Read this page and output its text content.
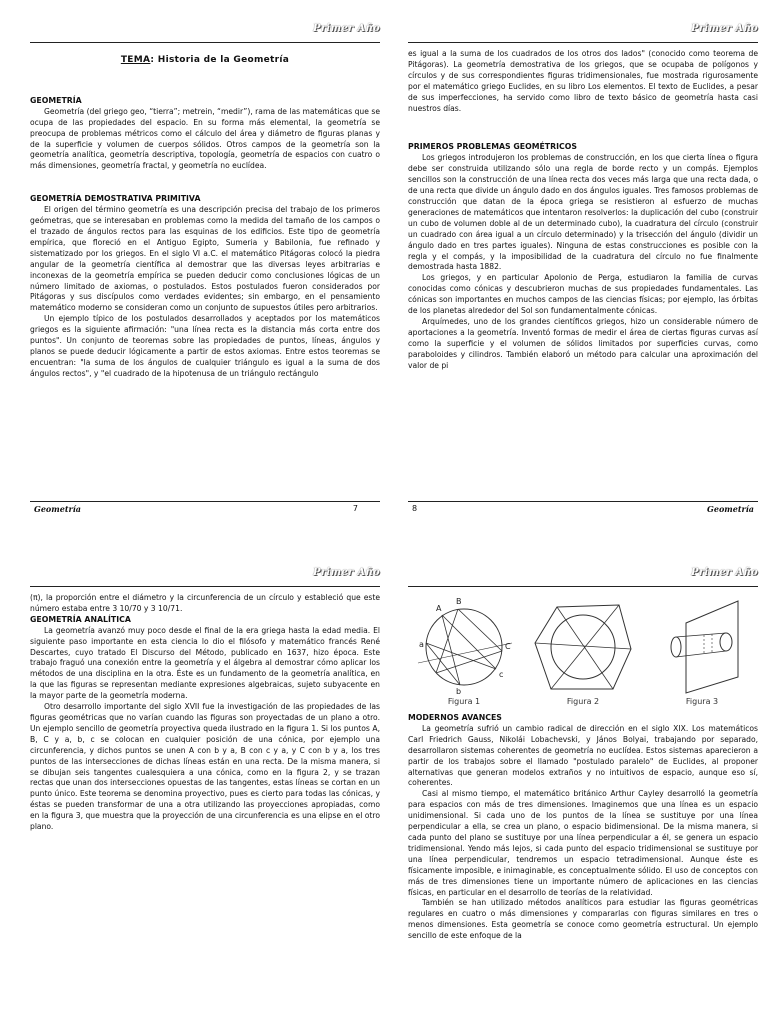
Primer Año
TEMA: Historia de la Geometría
GEOMETRÍA

Geometría (del griego geo, “tierra”; metrein, “medir”), rama de las matemáticas que se ocupa de las propiedades del espacio. En su forma más elemental, la geometría se preocupa de problemas métricos como el cálculo del área y diámetro de figuras planas y de la superficie y volumen de cuerpos sólidos. Otros campos de la geometría son la geometría analítica, geometría descriptiva, topología, geometría de espacios con cuatro o más dimensiones, geometría fractal, y geometría no euclídea.

GEOMETRÍA DEMOSTRATIVA PRIMITIVA

El origen del término geometría es una descripción precisa del trabajo de los primeros geómetras, que se interesaban en problemas como la medida del tamaño de los campos o el trazado de ángulos rectos para las esquinas de los edificios. Este tipo de geometría empírica, que floreció en el Antiguo Egipto, Sumeria y Babilonia, fue refinado y sistematizado por los griegos. En el siglo VI a.C. el matemático Pitágoras colocó la piedra angular de la geometría científica al demostrar que las diversas leyes arbitrarias e inconexas de la geometría empírica se pueden deducir como conclusiones lógicas de un número limitado de axiomas, o postulados. Estos postulados fueron considerados por Pitágoras y sus discípulos como verdades evidentes; sin embargo, en el pensamiento matemático moderno se consideran como un conjunto de supuestos útiles pero arbitrarios.

Un ejemplo típico de los postulados desarrollados y aceptados por los matemáticos griegos es la siguiente afirmación: "una línea recta es la distancia más corta entre dos puntos". Un conjunto de teoremas sobre las propiedades de puntos, líneas, ángulos y planos se puede deducir lógicamente a partir de estos axiomas. Entre estos teoremas se encuentran: "la suma de los ángulos de cualquier triángulo es igual a la suma de dos ángulos rectos", y "el cuadrado de la hipotenusa de un triángulo rectángulo

Geometría	7
Primer Año

es igual a la suma de los cuadrados de los otros dos lados" (conocido como teorema de Pitágoras). La geometría demostrativa de los griegos, que se ocupaba de polígonos y círculos y de sus correspondientes figuras tridimensionales, fue mostrada rigurosamente por el matemático griego Euclides, en su libro Los elementos. El texto de Euclides, a pesar de sus imperfecciones, ha servido como libro de texto básico de geometría hasta casi nuestros días.

PRIMEROS PROBLEMAS GEOMÉTRICOS

Los griegos introdujeron los problemas de construcción, en los que cierta línea o figura debe ser construida utilizando sólo una regla de borde recto y un compás. Ejemplos sencillos son la construcción de una línea recta dos veces más larga que una recta dada, o de una recta que divide un ángulo dado en dos ángulos iguales. Tres famosos problemas de construcción que datan de la época griega se resistieron al esfuerzo de muchas generaciones de matemáticos que intentaron resolverlos: la duplicación del cubo (construir un cubo de volumen doble al de un determinado cubo), la cuadratura del círculo (construir un cuadrado con área igual a un círculo determinado) y la trisección del ángulo (dividir un ángulo dado en tres partes iguales). Ninguna de estas construcciones es posible con la regla y el compás, y la imposibilidad de la cuadratura del círculo no fue finalmente demostrada hasta 1882.

Los griegos, y en particular Apolonio de Perga, estudiaron la familia de curvas conocidas como cónicas y descubrieron muchas de sus propiedades fundamentales. Las cónicas son importantes en muchos campos de las ciencias físicas; por ejemplo, las órbitas de los planetas alrededor del Sol son fundamentalmente cónicas.

Arquímedes, uno de los grandes científicos griegos, hizo un considerable número de aportaciones a la geometría. Inventó formas de medir el área de ciertas figuras curvas así como la superficie y el volumen de sólidos limitados por superficies curvas, como paraboloides y cilindros. También elaboró un método para calcular una aproximación del valor de pi

8	Geometría
Primer Año

(π), la proporción entre el diámetro y la circunferencia de un círculo y estableció que este número estaba entre 3 10/70 y 3 10/71.

GEOMETRÍA ANALÍTICA

La geometría avanzó muy poco desde el final de la era griega hasta la edad media. El siguiente paso importante en esta ciencia lo dio el filósofo y matemático francés René Descartes, cuyo tratado El Discurso del Método, publicado en 1637, hizo época. Este trabajo fraguó una conexión entre la geometría y el álgebra al demostrar cómo aplicar los métodos de una disciplina en la otra. Éste es un fundamento de la geometría analítica, en la que las figuras se representan mediante expresiones algebraicas, sujeto subyacente en la mayor parte de la geometría moderna.

Otro desarrollo importante del siglo XVII fue la investigación de las propiedades de las figuras geométricas que no varían cuando las figuras son proyectadas de un plano a otro. Un ejemplo sencillo de geometría proyectiva queda ilustrado en la figura 1. Si los puntos A, B, C y a, b, c se colocan en cualquier posición de una cónica, por ejemplo una circunferencia, y dichos puntos se unen A con b y a, B con c y a, y C con b y a, los tres puntos de las intersecciones de dichas líneas están en una recta. De la misma manera, si se dibujan seis tangentes cualesquiera a una cónica, como en la figura 2, y se trazan rectas que unan dos intersecciones opuestas de las tangentes, estas líneas se cortan en un punto único. Este teorema se denomina proyectivo, pues es cierto para todas las cónicas, y éstas se pueden transformar de una a otra utilizando las proyecciones apropiadas, como en la figura 3, que muestra que la proyección de una circunferencia es una elipse en el otro plano.

Primer Año
A
B
C
a
b
c
Figura 1	Figura 2	Figura 3
MODERNOS AVANCES

La geometría sufrió un cambio radical de dirección en el siglo XIX. Los matemáticos Carl Friedrich Gauss, Nikolái Lobachevski, y János Bolyai, trabajando por separado, desarrollaron sistemas coherentes de geometría no euclídea. Estos sistemas aparecieron a partir de los trabajos sobre el llamado "postulado paralelo" de Euclides, al proponer alternativas que generan modelos extraños y no intuitivos de espacio, aunque eso sí, coherentes.

Casi al mismo tiempo, el matemático británico Arthur Cayley desarrolló la geometría para espacios con más de tres dimensiones. Imaginemos que una línea es un espacio unidimensional. Si cada uno de los puntos de la línea se sustituye por una línea perpendicular a ella, se crea un plano, o espacio bidimensional. De la misma manera, si cada punto del plano se sustituye por una línea perpendicular a él, se genera un espacio tridimensional. Yendo más lejos, si cada punto del espacio tridimensional se sustituye por una línea perpendicular, tendremos un espacio tetradimensional. Aunque éste es físicamente imposible, e inimaginable, es conceptualmente sólido. El uso de conceptos con más de tres dimensiones tiene un importante número de aplicaciones en las ciencias físicas, en particular en el desarrollo de teorías de la relatividad.

También se han utilizado métodos analíticos para estudiar las figuras geométricas regulares en cuatro o más dimensiones y compararlas con figuras similares en tres o menos dimensiones. Esta geometría se conoce como geometría estructural. Un ejemplo sencillo de este enfoque de la
